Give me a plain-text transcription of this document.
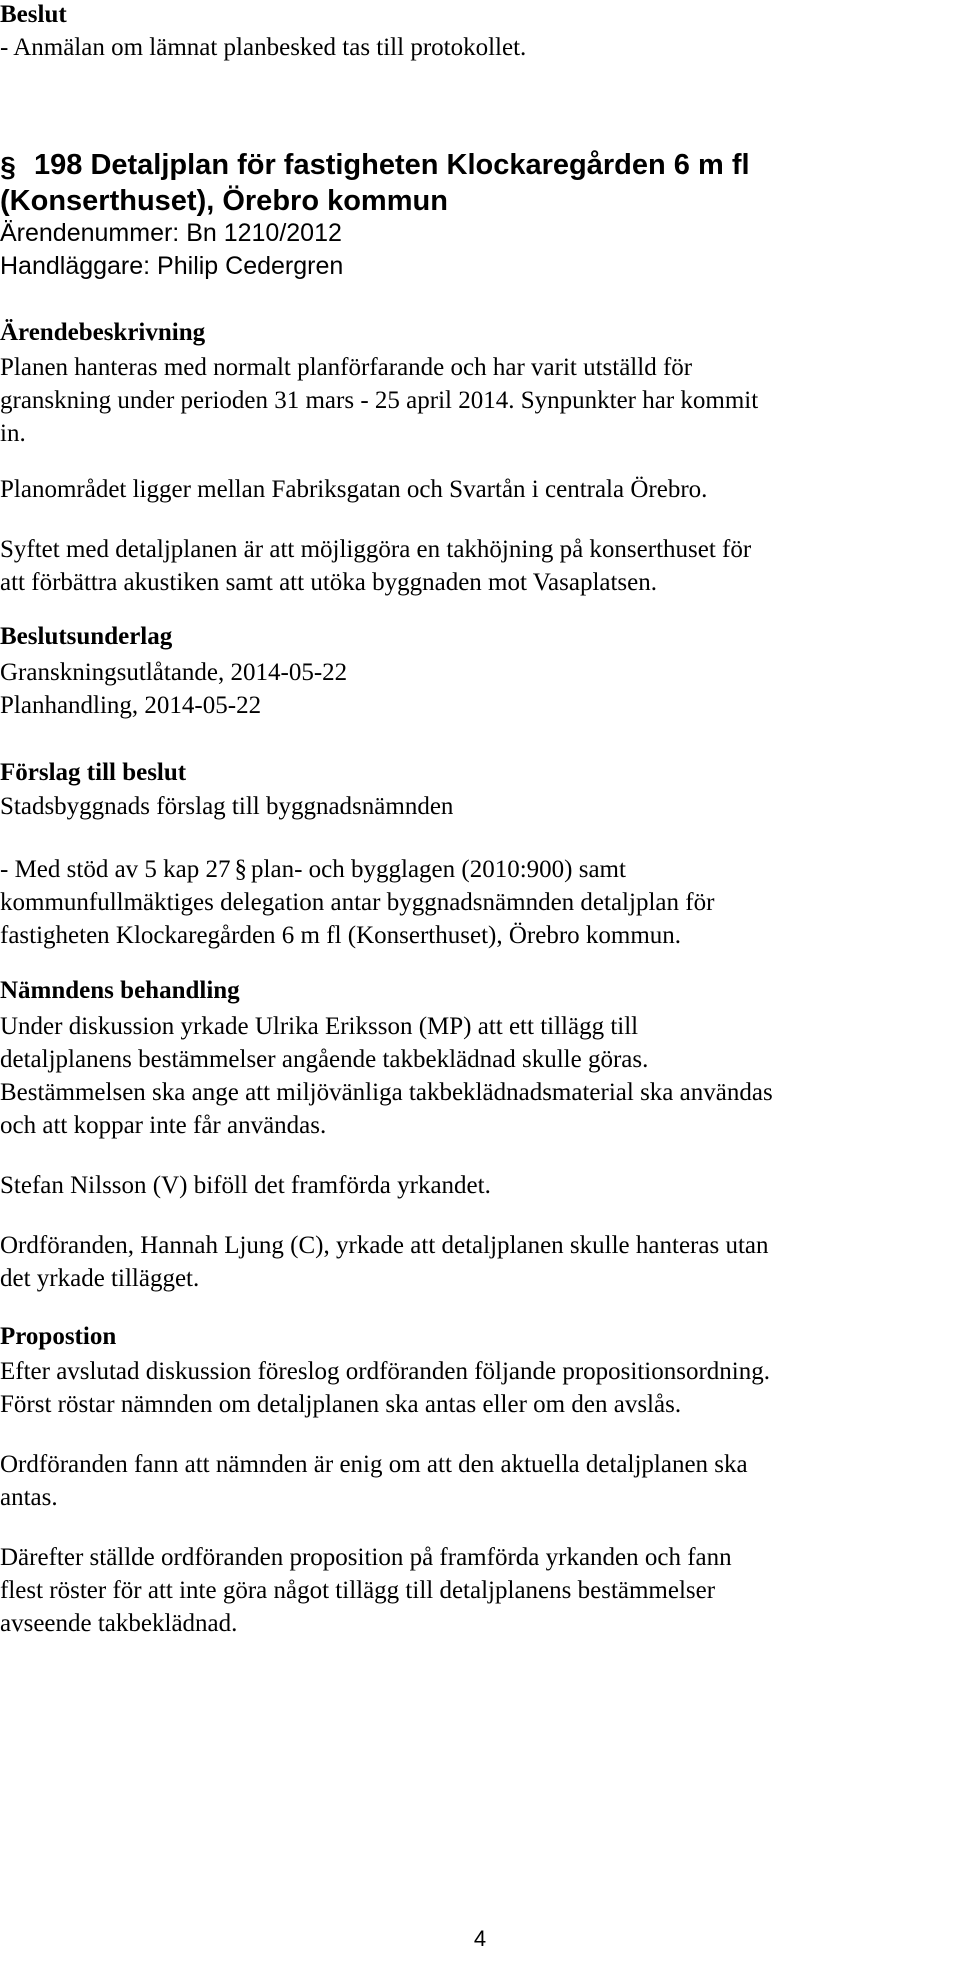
Beslut

- Anmälan om lämnat planbesked tas till protokollet.

§ 198 Detaljplan för fastigheten Klockaregården 6 m fl
(Konserthuset), Örebro kommun

Ärendenummer: Bn 1210/2012

Handläggare: Philip Cedergren

Ärendebeskrivning

Planen hanteras med normalt planförfarande och har varit utställd för

granskning under perioden 31 mars - 25 april 2014. Synpunkter har kommit

in.

Planområdet ligger mellan Fabriksgatan och Svartån i centrala Örebro.

Syftet med detaljplanen är att möjliggöra en takhöjning på konserthuset för

att förbättra akustiken samt att utöka byggnaden mot Vasaplatsen.

Beslutsunderlag

Granskningsutlåtande, 2014-05-22

Planhandling, 2014-05-22

Förslag till beslut

Stadsbyggnads förslag till byggnadsnämnden

- Med stöd av 5 kap 27 § plan- och bygglagen (2010:900) samt

kommunfullmäktiges delegation antar byggnadsnämnden detaljplan för

fastigheten Klockaregården 6 m fl (Konserthuset), Örebro kommun.

Nämndens behandling

Under diskussion yrkade Ulrika Eriksson (MP) att ett tillägg till

detaljplanens bestämmelser angående takbeklädnad skulle göras.

Bestämmelsen ska ange att miljövänliga takbeklädnadsmaterial ska användas

och att koppar inte får användas.

Stefan Nilsson (V) biföll det framförda yrkandet.

Ordföranden, Hannah Ljung (C), yrkade att detaljplanen skulle hanteras utan

det yrkade tillägget.

Propostion

Efter avslutad diskussion föreslog ordföranden följande propositionsordning.

Först röstar nämnden om detaljplanen ska antas eller om den avslås.

Ordföranden fann att nämnden är enig om att den aktuella detaljplanen ska

antas.

Därefter ställde ordföranden proposition på framförda yrkanden och fann

flest röster för att inte göra något tillägg till detaljplanens bestämmelser

avseende takbeklädnad.

4
